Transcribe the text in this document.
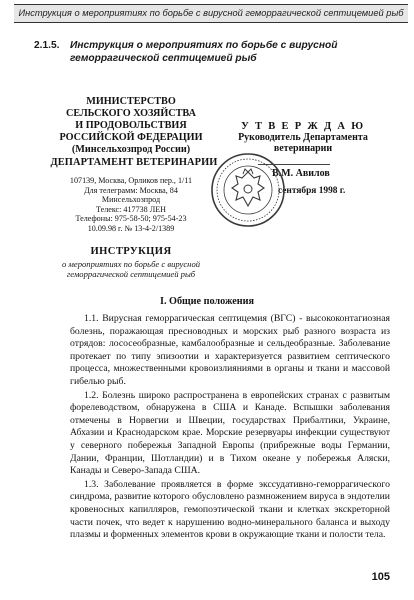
Инструкция о мероприятиях по борьбе с вирусной геморрагической септицемией рыб
2.1.5. Инструкция о мероприятиях по борьбе с вирусной геморрагической септицемией рыб
МИНИСТЕРСТВО
СЕЛЬСКОГО ХОЗЯЙСТВА
И ПРОДОВОЛЬСТВИЯ
РОССИЙСКОЙ ФЕДЕРАЦИИ
(Минсельхозпрод России)
ДЕПАРТАМЕНТ ВЕТЕРИНАРИИ
107139, Москва, Орликов пер., 1/11
Для телеграмм: Москва, 84
Минсельхозпрод
Телекс: 417738 ЛЕН
Телефоны: 975-58-50; 975-54-23
10.09.98 г. № 13-4-2/1389
У Т В Е Р Ж Д А Ю
Руководитель Департамента
ветеринарии
В.М. Авилов
сентября 1998 г.
ИНСТРУКЦИЯ
о мероприятиях по борьбе с вирусной
геморрагической септицемией рыб
I. Общие положения

1.1. Вирусная геморрагическая септицемия (ВГС) - высококонтагиозная болезнь, поражающая пресноводных и морских рыб разного возраста из отрядов: лососеобразные, камбалообразные и сельдеобразные. Заболевание протекает по типу эпизоотии и характеризуется развитием септического процесса, множественными кровоизлияниями в органы и ткани и массовой гибелью рыб.

1.2. Болезнь широко распространена в европейских странах с развитым форелеводством, обнаружена в США и Канаде. Вспышки заболевания отмечены в Норвегии и Швеции, государствах Прибалтики, Украине, Абхазии и Краснодарском крае. Морские резервуары инфекции существуют у северного побережья Западной Европы (прибрежные воды Германии, Дании, Франции, Шотландии) и в Тихом океане у побережья Аляски, Канады и Северо-Запада США.

1.3. Заболевание проявляется в форме экссудативно-геморрагического синдрома, развитие которого обусловлено размножением вируса в эндотелии кровеносных капилляров, гемопоэтической ткани и клетках экскреторной части почек, что ведет к нарушению водно-минерального баланса и выходу плазмы и форменных элементов крови в окружающие ткани и полости тела.

105
